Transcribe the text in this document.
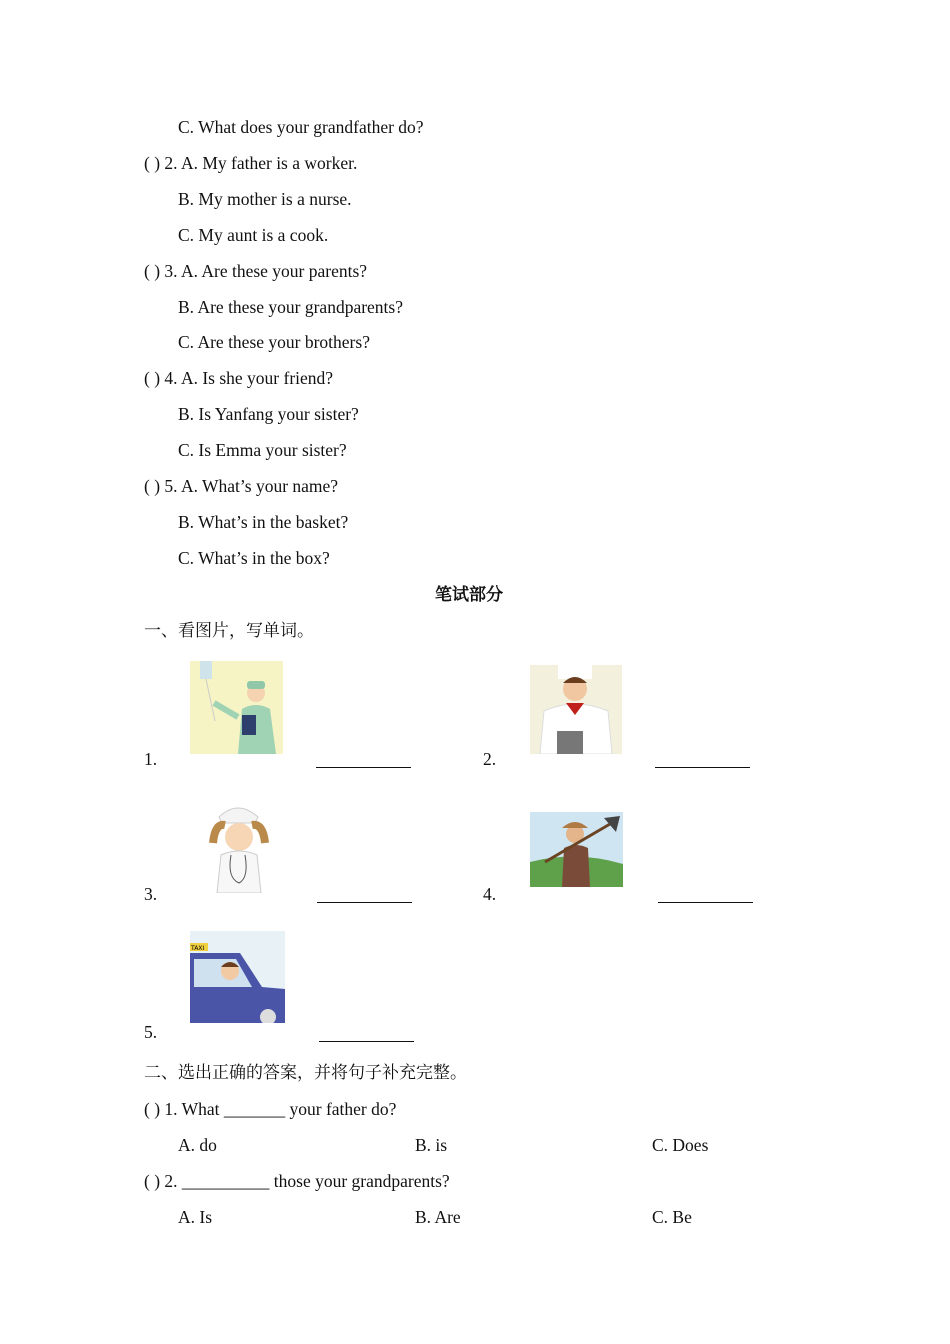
C. What does your grandfather do?
( ) 2. A. My father is a worker.
B. My mother is a nurse.
C. My aunt is a cook.
( ) 3. A. Are these your parents?
B. Are these your grandparents?
C. Are these your brothers?
( ) 4. A. Is she your friend?
B. Is Yanfang your sister?
C. Is Emma your sister?
( ) 5. A. What’s your name?
B. What’s in the basket?
C. What’s in the box?
笔试部分
一、看图片，写单词。
1.	2.
3.	4.
5.
TAXI
二、选出正确的答案，并将句子补充完整。
( ) 1. What _______ your father do?
A. do	B. is	C. Does
( ) 2. __________ those your grandparents?
A. Is	B. Are	C. Be
